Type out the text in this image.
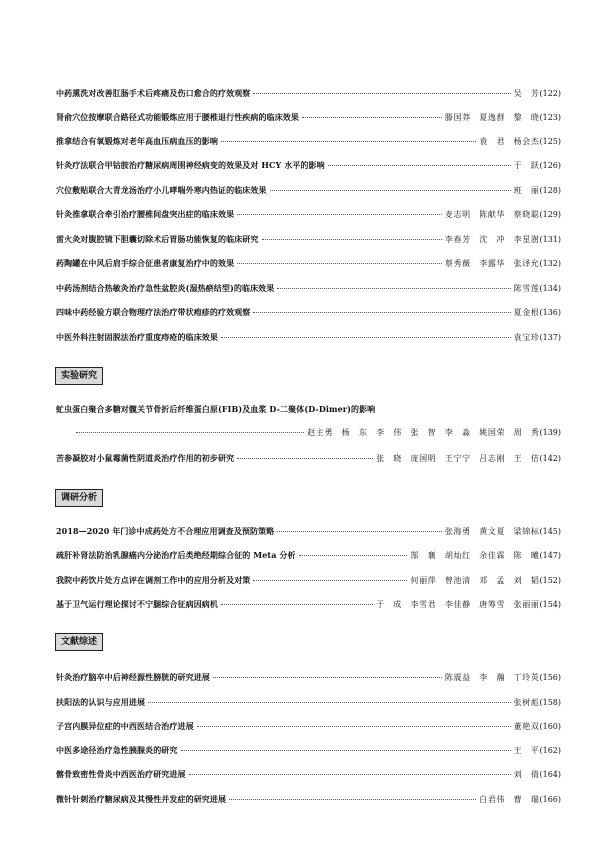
中药熏洗对改善肛肠手术后疼痛及伤口愈合的疗效观察	吴　芳 (122)
肾俞穴位按摩联合路径式功能锻炼应用于腰椎退行性疾病的临床效果	滕国莽　夏逸群　黎　晓 (123)
推拿结合有氧锻炼对老年高血压病血压的影响	袁　君　杨会杰 (125)
针灸疗法联合甲钴胺治疗糖尿病周围神经病变的效果及对 HCY 水平的影响	于　跃 (126)
穴位敷贴联合大青龙汤治疗小儿哮喘外寒内热证的临床效果	班　丽 (128)
针灸推拿联合牵引治疗腰椎间盘突出症的临床效果	麦志明　陈献华　蔡晓聪 (129)
雷火灸对腹腔镜下胆囊切除术后胃肠功能恢复的临床研究	李春芳　沈　冲　李星澍 (131)
药陶罐在中风后肩手综合征患者康复治疗中的效果	蔡秀薇　李露华　张译允 (132)
中药汤剂结合热敏灸治疗急性盆腔炎(湿热瘀结型)的临床效果	陈雪莲 (134)
四味中药经验方联合物理疗法治疗带状疱疹的疗效观察	夏金根 (136)
中医外科注射固脱法治疗重度痔疮的临床效果	袁宝珍 (137)
实验研究
虻虫蛋白聚合多糖对髋关节骨折后纤维蛋白原(FIB)及血浆 D-二聚体(D-Dimer)的影响
赵主勇　杨　东　李　伟　张　智　李　淼　姚国荣　周　秀 (139)
苦参凝胶对小鼠霉菌性阴道炎治疗作用的初步研究	张　晓　庞国明　王宁宁　吕志刚　王　佶 (142)
调研分析
2018—2020 年门诊中成药处方不合理应用调查及预防策略	张海勇　黄文夏　梁锦标 (145)
疏肝补肾法防治乳腺癌内分泌治疗后类绝经期综合征的 Meta 分析	郜　襄　胡灿红　余佳霖　陈　曦 (147)
我院中药饮片处方点评在调剂工作中的应用分析及对策	何丽萍　曾池清　邓　孟　刘　韬 (152)
基于卫气运行理论探讨不宁腿综合征病因病机	于　成　李雪君　李佳静　唐筹雪　张丽丽 (154)
文献综述
针灸治疗脑卒中后神经源性膀胱的研究进展	陈震益　李　瀚　丁玲英 (156)
扶阳法的认识与应用进展	张树彪 (158)
子宫内膜异位症的中西医结合治疗进展	董艳双 (160)
中医多途径治疗急性胰腺炎的研究	王　平 (162)
髂骨致密性骨炎中西医治疗研究进展	刘　倩 (164)
微针针刺治疗糖尿病及其慢性并发症的研究进展	白君伟　曹　瑞 (166)
